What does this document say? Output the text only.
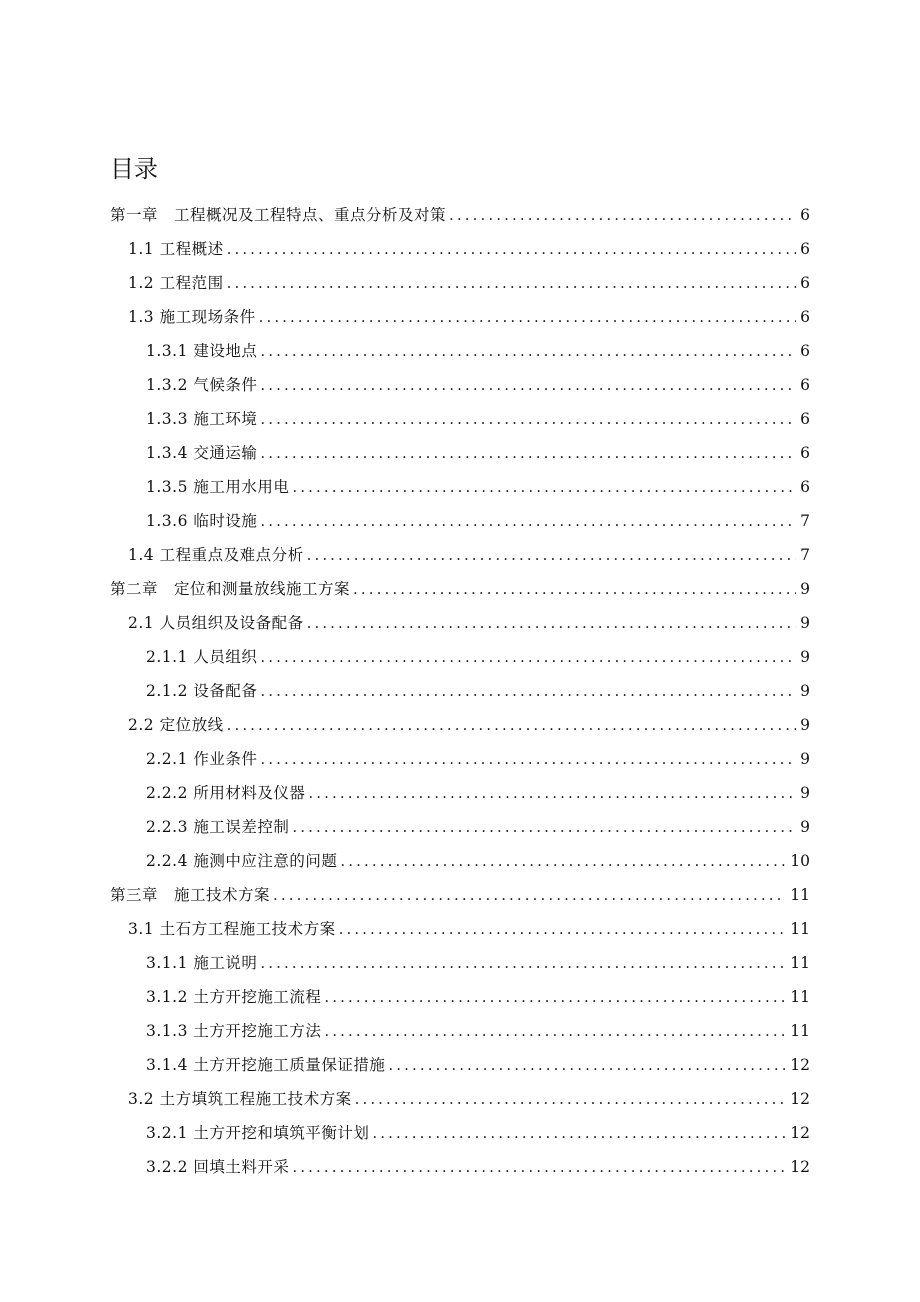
目录
第一章　工程概况及工程特点、重点分析及对策 .....	6
1.1 工程概述 .....	6
1.2 工程范围 .....	6
1.3 施工现场条件 .....	6
1.3.1 建设地点 .....	6
1.3.2 气候条件 .....	6
1.3.3 施工环境 .....	6
1.3.4 交通运输 .....	6
1.3.5 施工用水用电 .....	6
1.3.6 临时设施 .....	7
1.4 工程重点及难点分析 .....	7
第二章　定位和测量放线施工方案 .....	9
2.1 人员组织及设备配备 .....	9
2.1.1 人员组织 .....	9
2.1.2 设备配备 .....	9
2.2 定位放线 .....	9
2.2.1 作业条件 .....	9
2.2.2 所用材料及仪器 .....	9
2.2.3 施工误差控制 .....	9
2.2.4 施测中应注意的问题 .....	10
第三章　施工技术方案 .....	11
3.1 土石方工程施工技术方案 .....	11
3.1.1 施工说明 .....	11
3.1.2 土方开挖施工流程 .....	11
3.1.3 土方开挖施工方法 .....	11
3.1.4 土方开挖施工质量保证措施 .....	12
3.2 土方填筑工程施工技术方案 .....	12
3.2.1 土方开挖和填筑平衡计划 .....	12
3.2.2 回填土料开采 .....	12
